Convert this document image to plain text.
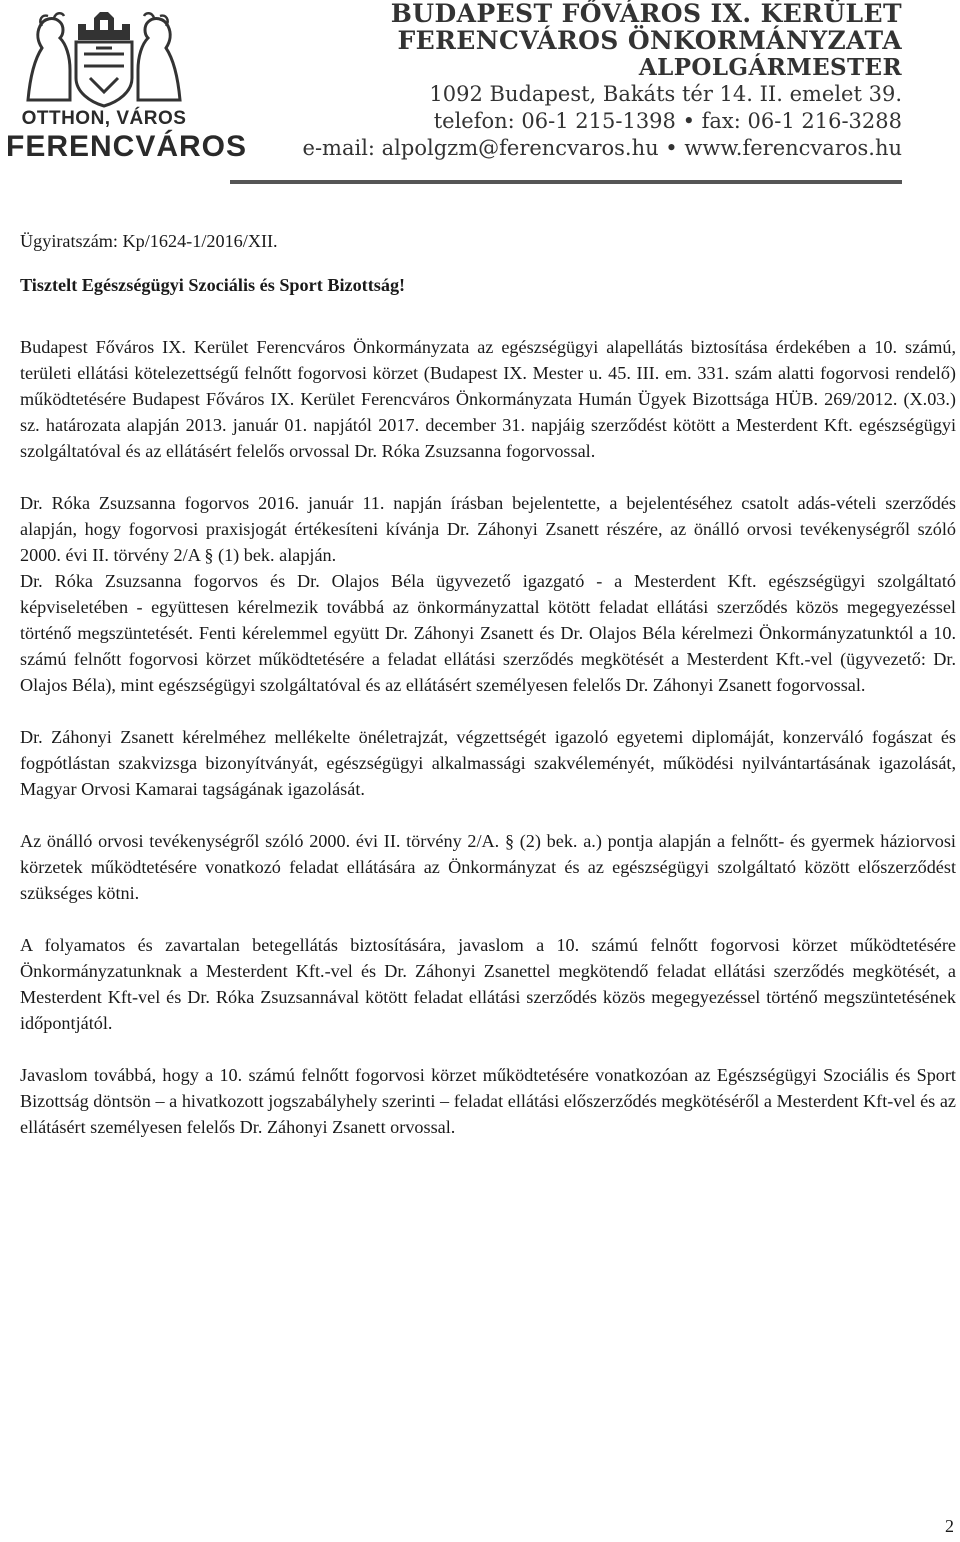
OTTHON, VÁROS
FERENCVÁROS
BUDAPEST FŐVÁROS IX. KERÜLET
FERENCVÁROS ÖNKORMÁNYZATA
ALPOLGÁRMESTER
1092 Budapest, Bakáts tér 14. II. emelet 39.
telefon: 06-1 215-1398 • fax: 06-1 216-3288
e-mail: alpolgzm@ferencvaros.hu • www.ferencvaros.hu

Ügyiratszám: Kp/1624-1/2016/XII.

Tisztelt Egészségügyi Szociális és Sport Bizottság!

Budapest Főváros IX. Kerület Ferencváros Önkormányzata az egészségügyi alapellátás biztosítása érdekében a 10. számú, területi ellátási kötelezettségű felnőtt fogorvosi körzet (Budapest IX. Mester u. 45. III. em. 331. szám alatti fogorvosi rendelő) működtetésére Budapest Főváros IX. Kerület Ferencváros Önkormányzata Humán Ügyek Bizottsága HÜB. 269/2012. (X.03.) sz. határozata alapján 2013. január 01. napjától 2017. december 31. napjáig szerződést kötött a Mesterdent Kft. egészségügyi szolgáltatóval és az ellátásért felelős orvossal Dr. Róka Zsuzsanna fogorvossal.

Dr. Róka Zsuzsanna fogorvos 2016. január 11. napján írásban bejelentette, a bejelentéséhez csatolt adás-vételi szerződés alapján, hogy fogorvosi praxisjogát értékesíteni kívánja Dr. Záhonyi Zsanett részére, az önálló orvosi tevékenységről szóló 2000. évi II. törvény 2/A § (1) bek. alapján.

Dr. Róka Zsuzsanna fogorvos és Dr. Olajos Béla ügyvezető igazgató - a Mesterdent Kft. egészségügyi szolgáltató képviseletében - együttesen kérelmezik továbbá az önkormányzattal kötött feladat ellátási szerződés közös megegyezéssel történő megszüntetését. Fenti kérelemmel együtt Dr. Záhonyi Zsanett és Dr. Olajos Béla kérelmezi Önkormányzatunktól a 10. számú felnőtt fogorvosi körzet működtetésére a feladat ellátási szerződés megkötését a Mesterdent Kft.-vel (ügyvezető: Dr. Olajos Béla), mint egészségügyi szolgáltatóval és az ellátásért személyesen felelős Dr. Záhonyi Zsanett fogorvossal.

Dr. Záhonyi Zsanett kérelméhez mellékelte önéletrajzát, végzettségét igazoló egyetemi diplomáját, konzerváló fogászat és fogpótlástan szakvizsga bizonyítványát, egészségügyi alkalmassági szakvéleményét, működési nyilvántartásának igazolását, Magyar Orvosi Kamarai tagságának igazolását.

Az önálló orvosi tevékenységről szóló 2000. évi II. törvény 2/A. § (2) bek. a.) pontja alapján a felnőtt- és gyermek háziorvosi körzetek működtetésére vonatkozó feladat ellátására az Önkormányzat és az egészségügyi szolgáltató között előszerződést szükséges kötni.

A folyamatos és zavartalan betegellátás biztosítására, javaslom a 10. számú felnőtt fogorvosi körzet működtetésére Önkormányzatunknak a Mesterdent Kft.-vel és Dr. Záhonyi Zsanettel megkötendő feladat ellátási szerződés megkötését, a Mesterdent Kft-vel és Dr. Róka Zsuzsannával kötött feladat ellátási szerződés közös megegyezéssel történő megszüntetésének időpontjától.

Javaslom továbbá, hogy a 10. számú felnőtt fogorvosi körzet működtetésére vonatkozóan az Egészségügyi Szociális és Sport Bizottság döntsön – a hivatkozott jogszabályhely szerinti – feladat ellátási előszerződés megkötéséről a Mesterdent Kft-vel és az ellátásért személyesen felelős Dr. Záhonyi Zsanett orvossal.

2
